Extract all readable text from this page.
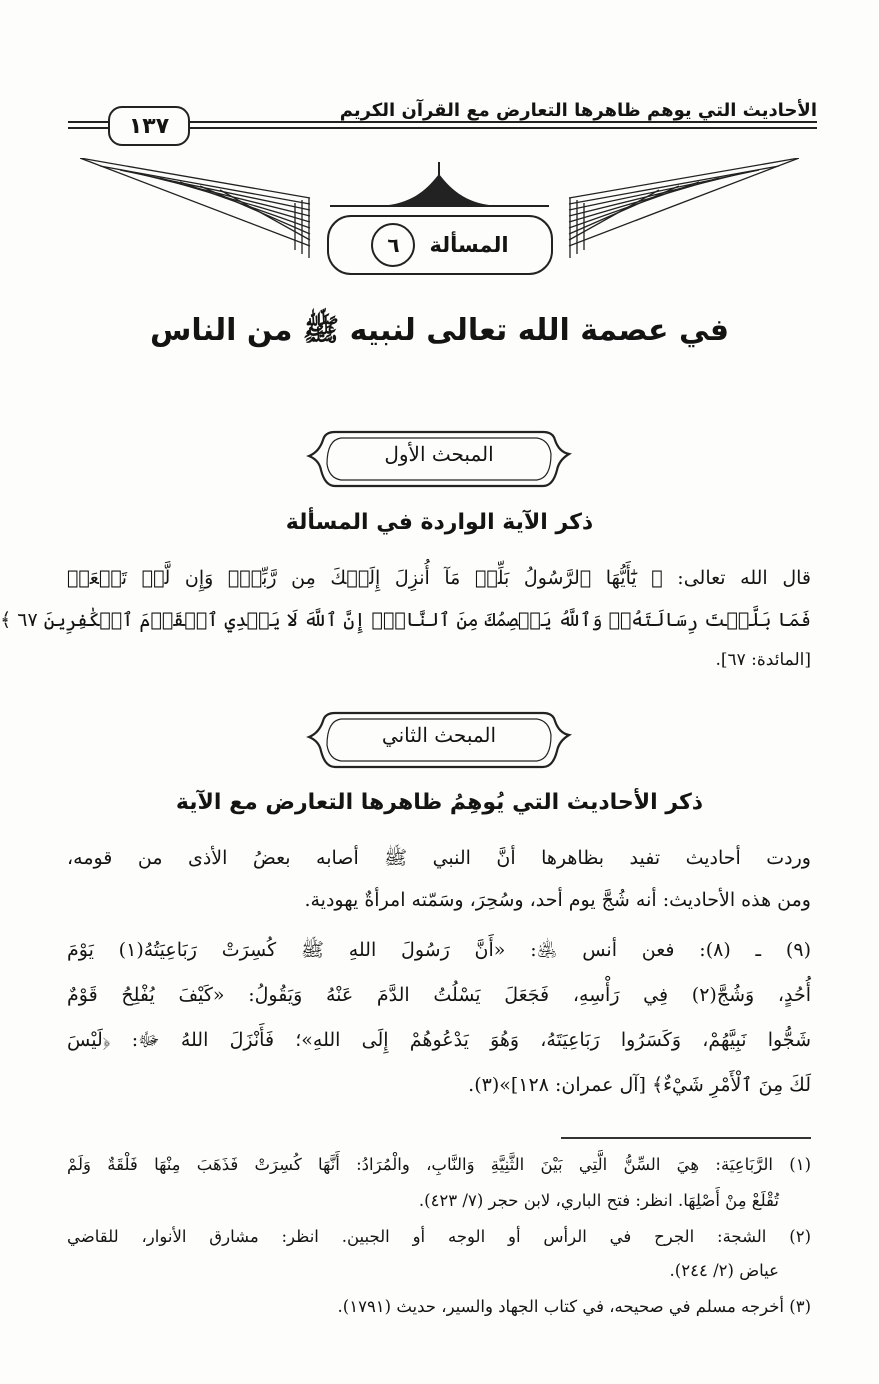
الأحاديث التي يوهم ظاهرها التعارض مع القرآن الكريم
١٣٧
المسألة
٦
في عصمة الله تعالى لنبيه ﷺ من الناس
المبحث الأول
ذكر الآية الواردة في المسألة
قال الله تعالى: ﴿ يَٰٓأَيُّهَا ٱلرَّسُولُ بَلِّغۡ مَآ أُنزِلَ إِلَيۡكَ مِن رَّبِّكَۖ وَإِن لَّمۡ تَفۡعَلۡ
فَمَا بَلَّغۡتَ رِسَالَتَهُۥۚ وَٱللَّهُ يَعۡصِمُكَ مِنَ ٱلنَّاسِۗ إِنَّ ٱللَّهَ لَا يَهۡدِي ٱلۡقَوۡمَ ٱلۡكَٰفِرِينَ ٦٧ ﴾
[المائدة: ٦٧].
المبحث الثاني
ذكر الأحاديث التي يُوهِمُ ظاهرها التعارض مع الآية
وردت أحاديث تفيد بظاهرها أنَّ النبي ﷺ أصابه بعضُ الأذى من قومه،
ومن هذه الأحاديث: أنه شُجَّ يوم أحد، وسُحِرَ، وسَمّته امرأةٌ يهودية.
(٩) ـ (٨): فعن أنس ﵁: «أَنَّ رَسُولَ اللهِ ﷺ كُسِرَتْ رَبَاعِيَتُهُ(١) يَوْمَ
أُحُدٍ، وَشُجَّ(٢) فِي رَأْسِهِ، فَجَعَلَ يَسْلُتُ الدَّمَ عَنْهُ وَيَقُولُ: «كَيْفَ يُفْلِحُ قَوْمٌ
شَجُّوا نَبِيَّهُمْ، وَكَسَرُوا رَبَاعِيَتَهُ، وَهُوَ يَدْعُوهُمْ إِلَى اللهِ»؛ فَأَنْزَلَ اللهُ ﷻ: ﴿لَيْسَ
لَكَ مِنَ ٱلْأَمْرِ شَيْءٌ﴾ [آل عمران: ١٢٨]»(٣).
(١) الرَّبَاعِيَة: هِيَ السِّنُّ الَّتِي بَيْنَ الثَّنِيَّةِ وَالنَّابِ، والْمُرَادُ: أَنَّهَا كُسِرَتْ فَذَهَبَ مِنْهَا فَلْقَةٌ وَلَمْ
تُقْلَعْ مِنْ أَصْلِهَا. انظر: فتح الباري، لابن حجر (٧/ ٤٢٣).
(٢) الشجة: الجرح في الرأس أو الوجه أو الجبين. انظر: مشارق الأنوار، للقاضي
عياض (٢/ ٢٤٤).
(٣) أخرجه مسلم في صحيحه، في كتاب الجهاد والسير، حديث (١٧٩١).
